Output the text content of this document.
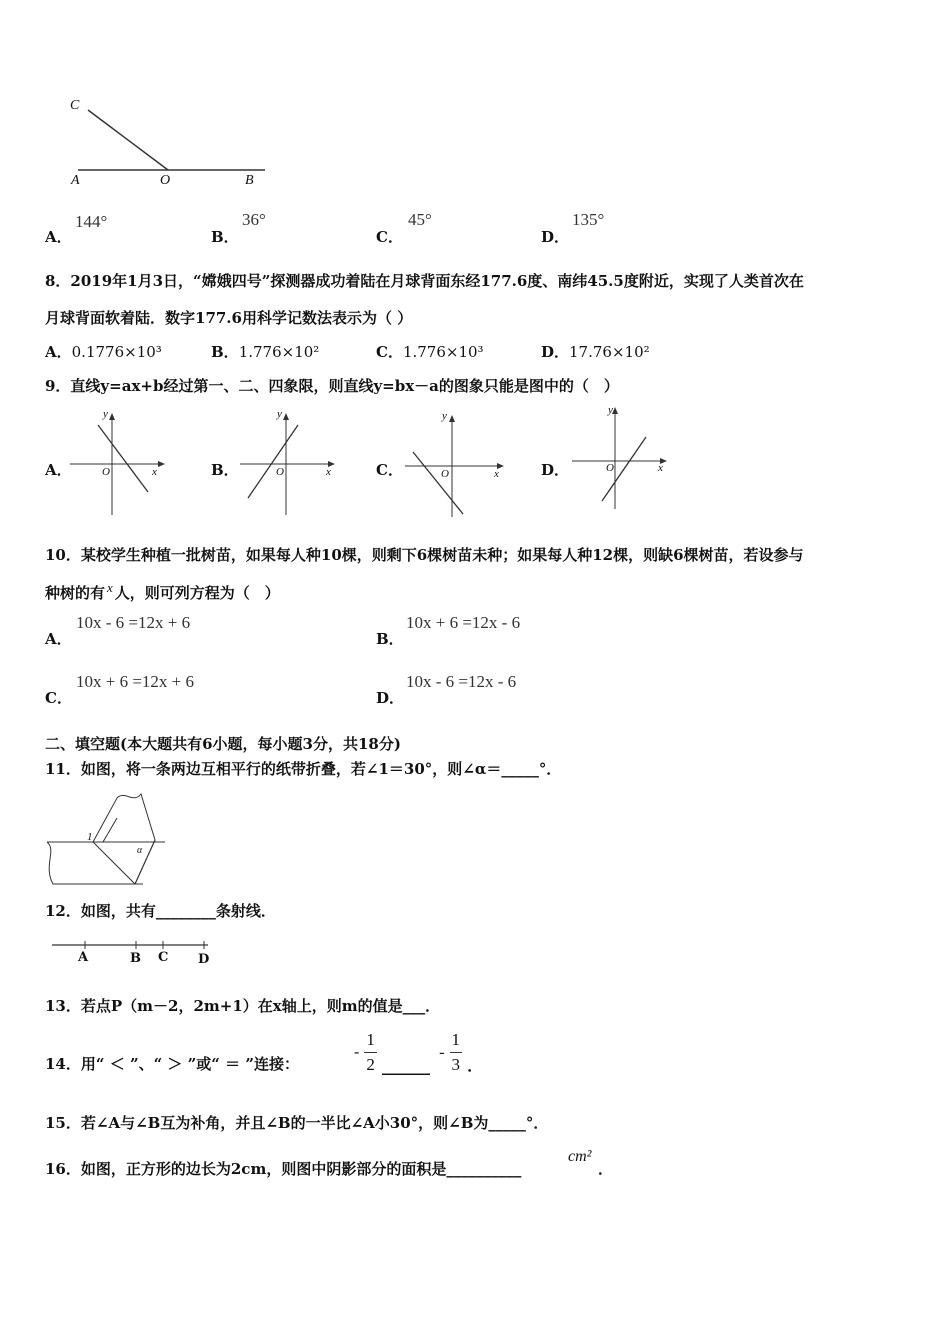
C
A	O	B
A．
144°
B．
36°
C．
45°
D．
135°
8．2019年1月3日，“嫦娥四号”探测器成功着陆在月球背面东经177.6度、南纬45.5度附近，实现了人类首次在
月球背面软着陆．数字177.6用科学记数法表示为（ ）
A．0.1776×10³	B．1.776×10²	C．1.776×10³	D．17.76×10²
9．直线y=ax+b经过第一、二、四象限，则直线y=bx－a的图象只能是图中的（　）
A．
y
x
O	B．
y
x
O	C．
y
x
O	D．
y
x
O
10．某校学生种植一批树苗，如果每人种10棵，则剩下6棵树苗未种；如果每人种12棵，则缺6棵树苗，若设参与
种树的有 x 人，则可列方程为（　）
A．
10x - 6 =12x + 6
B．
10x + 6 =12x - 6
C．
10x + 6 =12x + 6
D．
10x - 6 =12x - 6
二、填空题(本大题共有6小题，每小题3分，共18分)
11．如图，将一条两边互相平行的纸带折叠，若∠1＝30°，则∠α＝_____°．
1
α
12．如图，共有________条射线．
A	B C D
13．若点P（m－2，2m+1）在x轴上，则m的值是___．
14．用“ ＜ ”、“ ＞ ”或“ ＝ ”连接：
- $\frac{1}{2}$ ______ - $\frac{1}{3}$ ．
15．若∠A与∠B互为补角，并且∠B的一半比∠A小30°，则∠B为_____°．
16．如图，正方形的边长为2cm，则图中阴影部分的面积是__________
cm²
．
